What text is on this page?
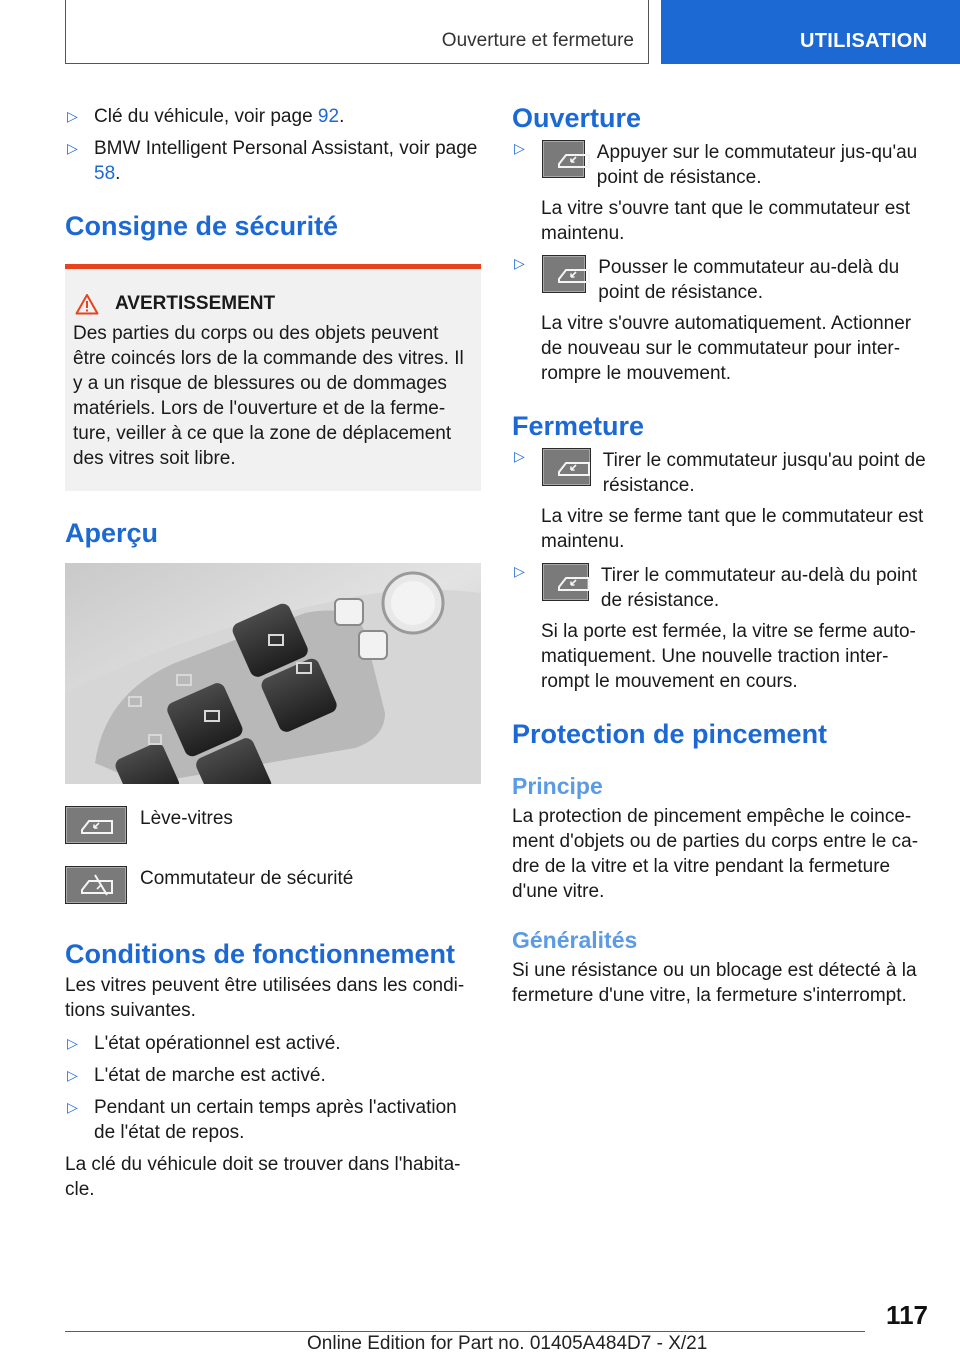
Ouverture et fermeture	UTILISATION
▷ Clé du véhicule, voir page 92.
▷ BMW Intelligent Personal Assistant, voir page 58.
Consigne de sécurité
AVERTISSEMENT

Des parties du corps ou des objets peuvent être coincés lors de la commande des vitres. Il y a un risque de blessures ou de dommages matériels. Lors de l'ouverture et de la ferme-ture, veiller à ce que la zone de déplacement des vitres soit libre.

Aperçu
Lève-vitres
Commutateur de sécurité
Conditions de fonctionnement

Les vitres peuvent être utilisées dans les condi-tions suivantes.

▷ L'état opérationnel est activé.
▷ L'état de marche est activé.
▷ Pendant un certain temps après l'activation de l'état de repos.

La clé du véhicule doit se trouver dans l'habita-cle.

Ouverture
▷	Appuyer sur le commutateur jus-qu'au point de résistance.

La vitre s'ouvre tant que le commutateur est maintenu.

▷	Pousser le commutateur au-delà du point de résistance.

La vitre s'ouvre automatiquement. Actionner de nouveau sur le commutateur pour inter-rompre le mouvement.

Fermeture
▷	Tirer le commutateur jusqu'au point de résistance.

La vitre se ferme tant que le commutateur est maintenu.

▷	Tirer le commutateur au-delà du point de résistance.

Si la porte est fermée, la vitre se ferme auto-matiquement. Une nouvelle traction inter-rompt le mouvement en cours.

Protection de pincement
Principe

La protection de pincement empêche le coince-ment d'objets ou de parties du corps entre le ca-dre de la vitre et la vitre pendant la fermeture d'une vitre.

Généralités

Si une résistance ou un blocage est détecté à la fermeture d'une vitre, la fermeture s'interrompt.

117
Online Edition for Part no. 01405A484D7 - X/21
